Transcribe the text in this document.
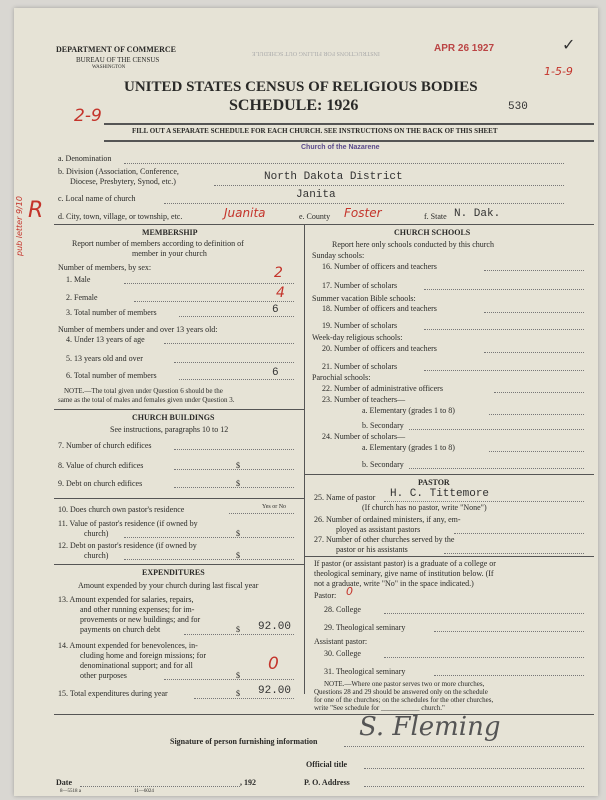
DEPARTMENT OF COMMERCE
BUREAU OF THE CENSUS
WASHINGTON
INSTRUCTIONS FOR FILLING OUT SCHEDULE	APR 26 1927	✓
1-5-9
530
UNITED STATES CENSUS OF RELIGIOUS BODIES
SCHEDULE: 1926
2-9
FILL OUT A SEPARATE SCHEDULE FOR EACH CHURCH. SEE INSTRUCTIONS ON THE BACK OF THIS SHEET
Church of the Nazarene
a. Denomination
b. Division (Association, Conference,
Diocese, Presbytery, Synod, etc.)	North Dakota District
c. Local name of church	Janita
R
pub letter 9/10	d. City, town, village, or township, etc.	Juanita	e. County Foster	f. State N. Dak.
MEMBERSHIP
Report number of members according to definition of
member in your church
Number of members, by sex:
1. Male	2
2. Female	4
3. Total number of members	6
Number of members under and over 13 years old:
4. Under 13 years of age
5. 13 years old and over
6. Total number of members	6
NOTE.—The total given under Question 6 should be the
same as the total of males and females given under Question 3.
CHURCH BUILDINGS
See instructions, paragraphs 10 to 12
7. Number of church edifices
8. Value of church edifices	$
9. Debt on church edifices	$
10. Does church own pastor's residence	Yes or No
11. Value of pastor's residence (if owned by
church)	$
12. Debt on pastor's residence (if owned by
church)	$
EXPENDITURES
Amount expended by your church during last fiscal year
13. Amount expended for salaries, repairs,
and other running expenses; for im-
provements or new buildings; and for
payments on church debt	$ 92.00
14. Amount expended for benevolences, in-
cluding home and foreign missions; for
denominational support; and for all
other purposes	$
0
15. Total expenditures during year	$ 92.00
CHURCH SCHOOLS
Report here only schools conducted by this church
Sunday schools:
16. Number of officers and teachers
17. Number of scholars
Summer vacation Bible schools:
18. Number of officers and teachers
19. Number of scholars
Week-day religious schools:
20. Number of officers and teachers
21. Number of scholars
Parochial schools:
22. Number of administrative officers
23. Number of teachers—
a. Elementary (grades 1 to 8)
b. Secondary
24. Number of scholars—
a. Elementary (grades 1 to 8)
b. Secondary
PASTOR
25. Name of pastor H. C. Tittemore
(If church has no pastor, write "None")
26. Number of ordained ministers, if any, em-
ployed as assistant pastors
27. Number of other churches served by the
pastor or his assistants
If pastor (or assistant pastor) is a graduate of a college or
theological seminary, give name of institution below. (If
not a graduate, write "No" in the space indicated.)
Pastor: 0
28. College
29. Theological seminary
Assistant pastor:
30. College
31. Theological seminary
NOTE.—Where one pastor serves two or more churches,
Questions 28 and 29 should be answered only on the schedule
for one of the churches; on the schedules for the other churches,
write "See schedule for ___________ church."
Signature of person furnishing information S. Fleming
Official title
Date	, 192	P. O. Address
8—5518 a	11—6024
